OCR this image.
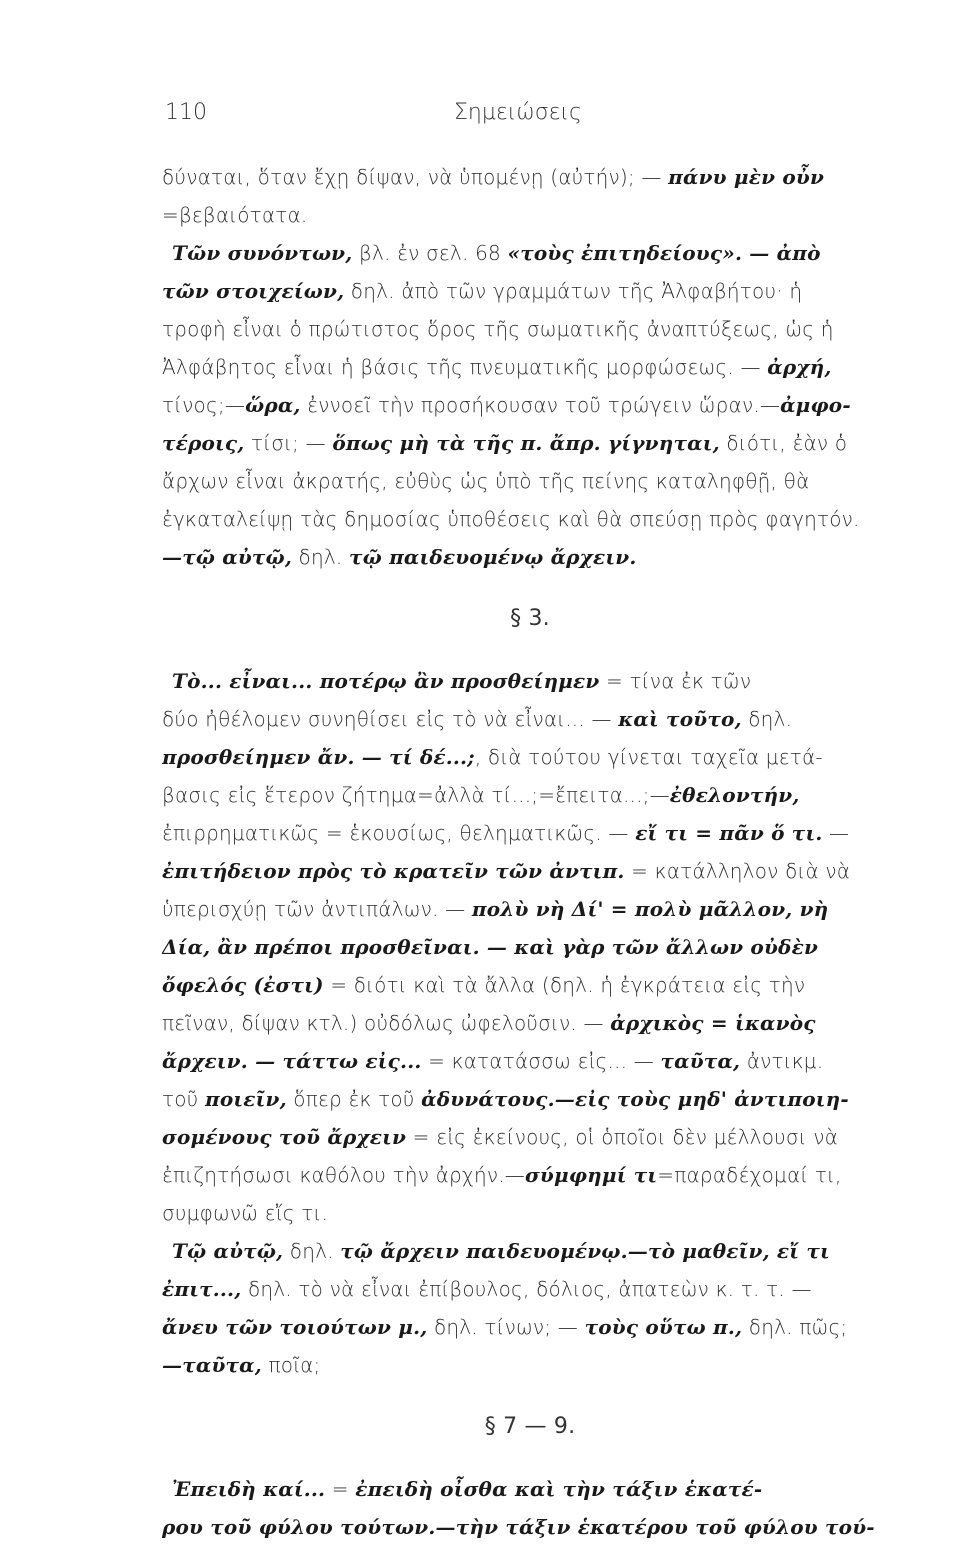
110	Σημειώσεις
δύναται, ὅταν ἔχῃ δίψαν, νὰ ὑπομένῃ (αὐτήν); — πάνυ μὲν οὖν
=βεβαιότατα.
Τῶν συνόντων, βλ. ἐν σελ. 68 «τοὺς ἐπιτηδείους». — ἀπὸ
τῶν στοιχείων, δηλ. ἀπὸ τῶν γραμμάτων τῆς Ἀλφαβήτου· ἡ
τροφὴ εἶναι ὁ πρώτιστος ὅρος τῆς σωματικῆς ἀναπτύξεως, ὡς ἡ
Ἀλφάβητος εἶναι ἡ βάσις τῆς πνευματικῆς μορφώσεως. — ἀρχή,
τίνος;—ὥρα, ἐννοεῖ τὴν προσήκουσαν τοῦ τρώγειν ὥραν.—ἀμφο-
τέροις, τίσι; — ὅπως μὴ τὰ τῆς π. ἄπρ. γίγνηται, διότι, ἐὰν ὁ
ἄρχων εἶναι ἀκρατής, εὐθὺς ὡς ὑπὸ τῆς πείνης καταληφθῇ, θὰ
ἐγκαταλείψῃ τὰς δημοσίας ὑποθέσεις καὶ θὰ σπεύσῃ πρὸς φαγητόν.
—τῷ αὐτῷ, δηλ. τῷ παιδευομένῳ ἄρχειν.
§ 3.
Τὸ... εἶναι... ποτέρῳ ἂν προσθείημεν = τίνα ἐκ τῶν
δύο ἠθέλομεν συνηθίσει εἰς τὸ νὰ εἶναι... — καὶ τοῦτο, δηλ.
προσθείημεν ἄν. — τί δέ...;, διὰ τούτου γίνεται ταχεῖα μετά-
βασις εἰς ἕτερον ζήτημα=ἀλλὰ τί...;=ἔπειτα...;—ἐθελοντήν,
ἐπιρρηματικῶς = ἑκουσίως, θεληματικῶς. — εἴ τι = πᾶν ὅ τι. —
ἐπιτήδειον πρὸς τὸ κρατεῖν τῶν ἀντιπ. = κατάλληλον διὰ νὰ
ὑπερισχύῃ τῶν ἀντιπάλων. — πολὺ νὴ Δί' = πολὺ μᾶλλον, νὴ
Δία, ἂν πρέποι προσθεῖναι. — καὶ γὰρ τῶν ἄλλων οὐδὲν
ὄφελός (ἐστι) = διότι καὶ τὰ ἄλλα (δηλ. ἡ ἐγκράτεια εἰς τὴν
πεῖναν, δίψαν κτλ.) οὐδόλως ὠφελοῦσιν. — ἀρχικὸς = ἱκανὸς
ἄρχειν. — τάττω εἰς... = κατατάσσω εἰς... — ταῦτα, ἀντικμ.
τοῦ ποιεῖν, ὅπερ ἐκ τοῦ ἀδυνάτους.—εἰς τοὺς μηδ' ἀντιποιη-
σομένους τοῦ ἄρχειν = εἰς ἐκείνους, οἱ ὁποῖοι δὲν μέλλουσι νὰ
ἐπιζητήσωσι καθόλου τὴν ἀρχήν.—σύμφημί τι=παραδέχομαί τι,
συμφωνῶ εἴς τι.
Τῷ αὐτῷ, δηλ. τῷ ἄρχειν παιδευομένῳ.—τὸ μαθεῖν, εἴ τι
ἐπιτ..., δηλ. τὸ νὰ εἶναι ἐπίβουλος, δόλιος, ἀπατεὼν κ. τ. τ. —
ἄνευ τῶν τοιούτων μ., δηλ. τίνων; — τοὺς οὕτω π., δηλ. πῶς;
—ταῦτα, ποῖα;
§ 7 — 9.
Ἐπειδὴ καί... = ἐπειδὴ οἶσθα καὶ τὴν τάξιν ἑκατέ-
ρου τοῦ φύλου τούτων.—τὴν τάξιν ἑκατέρου τοῦ φύλου τού-
